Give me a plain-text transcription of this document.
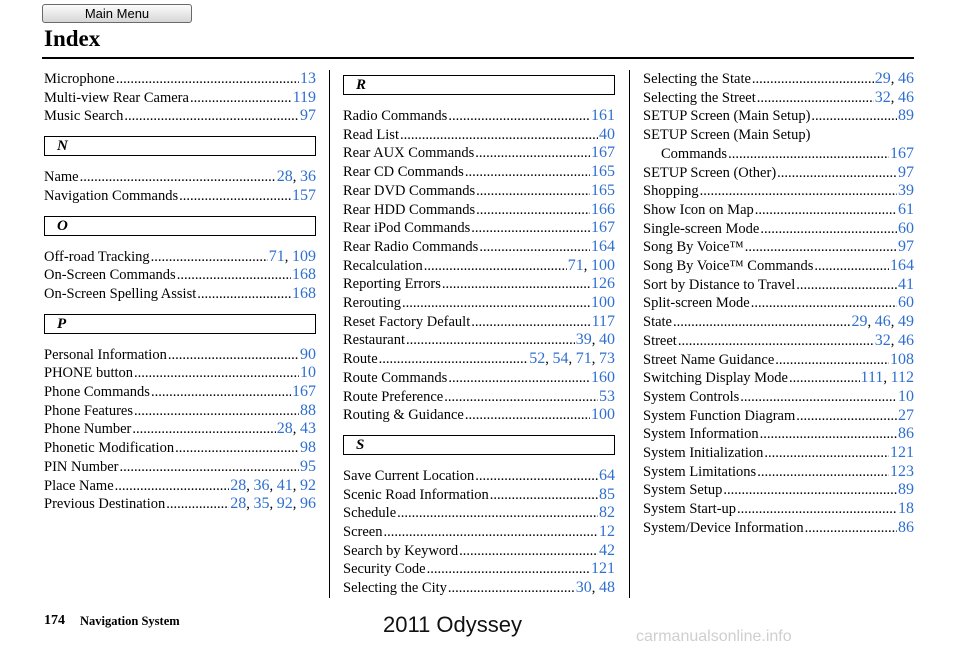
Main Menu
Index
Microphone .....	13
Multi-view Rear Camera .....	119
Music Search .....	97
N
Name .....	28, 36
Navigation Commands .....	157
O
Off-road Tracking .....	71, 109
On-Screen Commands .....	168
On-Screen Spelling Assist .....	168
P
Personal Information .....	90
PHONE button .....	10
Phone Commands .....	167
Phone Features .....	88
Phone Number .....	28, 43
Phonetic Modification .....	98
PIN Number .....	95
Place Name .....	28, 36, 41, 92
Previous Destination .....	28, 35, 92, 96
R
Radio Commands .....	161
Read List .....	40
Rear AUX Commands .....	167
Rear CD Commands .....	165
Rear DVD Commands .....	165
Rear HDD Commands .....	166
Rear iPod Commands .....	167
Rear Radio Commands .....	164
Recalculation .....	71, 100
Reporting Errors .....	126
Rerouting .....	100
Reset Factory Default .....	117
Restaurant .....	39, 40
Route .....	52, 54, 71, 73
Route Commands .....	160
Route Preference .....	53
Routing & Guidance .....	100
S
Save Current Location .....	64
Scenic Road Information .....	85
Schedule .....	82
Screen .....	12
Search by Keyword .....	42
Security Code .....	121
Selecting the City .....	30, 48
Selecting the State .....	29, 46
Selecting the Street .....	32, 46
SETUP Screen (Main Setup) .....	89
SETUP Screen (Main Setup)
Commands .....	167
SETUP Screen (Other) .....	97
Shopping .....	39
Show Icon on Map .....	61
Single-screen Mode .....	60
Song By Voice™ .....	97
Song By Voice™ Commands .....	164
Sort by Distance to Travel .....	41
Split-screen Mode .....	60
State .....	29, 46, 49
Street .....	32, 46
Street Name Guidance .....	108
Switching Display Mode .....	111, 112
System Controls .....	10
System Function Diagram .....	27
System Information .....	86
System Initialization .....	121
System Limitations .....	123
System Setup .....	89
System Start-up .....	18
System/Device Information .....	86
174 Navigation System	2011 Odyssey	carmanualsonline.info
